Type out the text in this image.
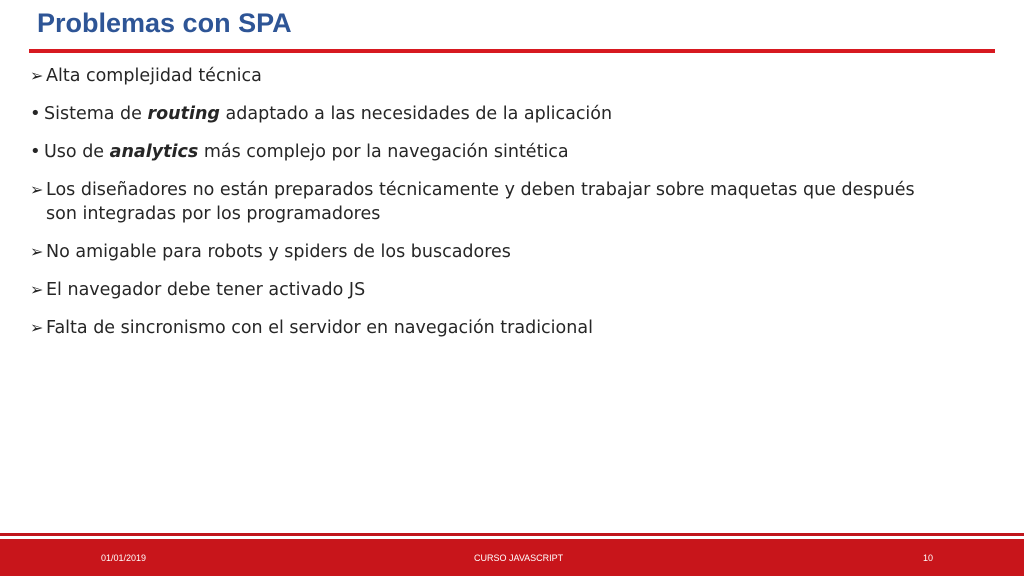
Problemas con SPA
➢ Alta complejidad técnica
• Sistema de routing adaptado a las necesidades de la aplicación
• Uso de analytics más complejo por la navegación sintética
➢ Los diseñadores no están preparados técnicamente y deben trabajar sobre maquetas que después son integradas por los programadores
➢ No amigable para robots y spiders de los buscadores
➢ El navegador debe tener activado JS
➢ Falta de sincronismo con el servidor en navegación tradicional
01/01/2019	CURSO JAVASCRIPT	10
